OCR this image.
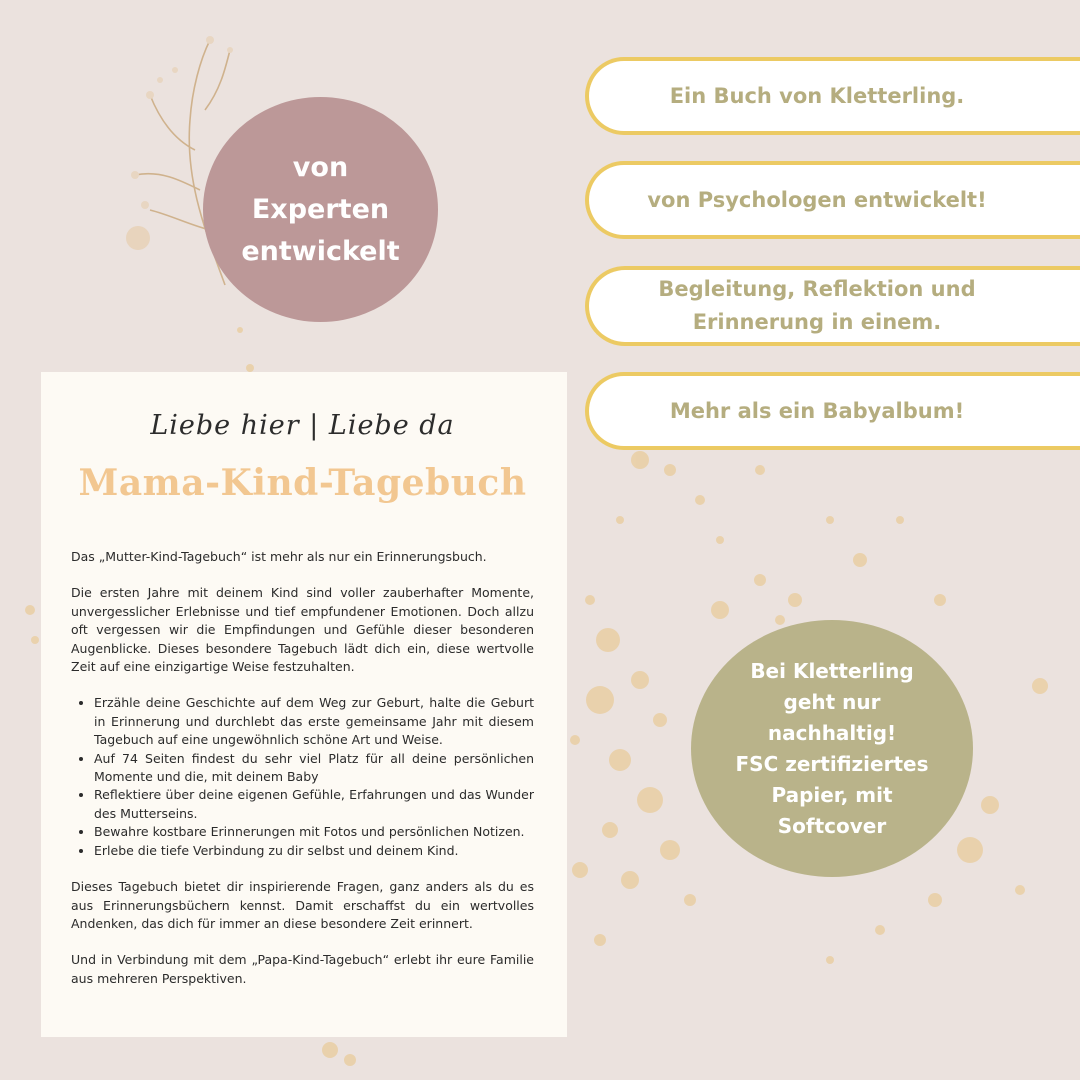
von
Experten
entwickelt
Ein Buch von Kletterling.
von Psychologen entwickelt!
Begleitung, Reflektion und
Erinnerung in einem.
Mehr als ein Babyalbum!
Bei Kletterling
geht nur
nachhaltig!
FSC zertifiziertes
Papier, mit
Softcover
Liebe hier | Liebe da
Mama-Kind-Tagebuch

Das „Mutter-Kind-Tagebuch“ ist mehr als nur ein Erinnerungsbuch.

Die ersten Jahre mit deinem Kind sind voller zauberhafter Momente, unvergesslicher Erlebnisse und tief empfundener Emotionen. Doch allzu oft vergessen wir die Empfindungen und Gefühle dieser besonderen Augenblicke. Dieses besondere Tagebuch lädt dich ein, diese wertvolle Zeit auf eine einzigartige Weise festzuhalten.

• Erzähle deine Geschichte auf dem Weg zur Geburt, halte die Geburt in Erinnerung und durchlebt das erste gemeinsame Jahr mit diesem Tagebuch auf eine ungewöhnlich schöne Art und Weise.
• Auf 74 Seiten findest du sehr viel Platz für all deine persönlichen Momente und die, mit deinem Baby
• Reflektiere über deine eigenen Gefühle, Erfahrungen und das Wunder des Mutterseins.
• Bewahre kostbare Erinnerungen mit Fotos und persönlichen Notizen.
• Erlebe die tiefe Verbindung zu dir selbst und deinem Kind.

Dieses Tagebuch bietet dir inspirierende Fragen, ganz anders als du es aus Erinnerungsbüchern kennst. Damit erschaffst du ein wertvolles Andenken, das dich für immer an diese besondere Zeit erinnert.

Und in Verbindung mit dem „Papa-Kind-Tagebuch“ erlebt ihr eure Familie aus mehreren Perspektiven.
